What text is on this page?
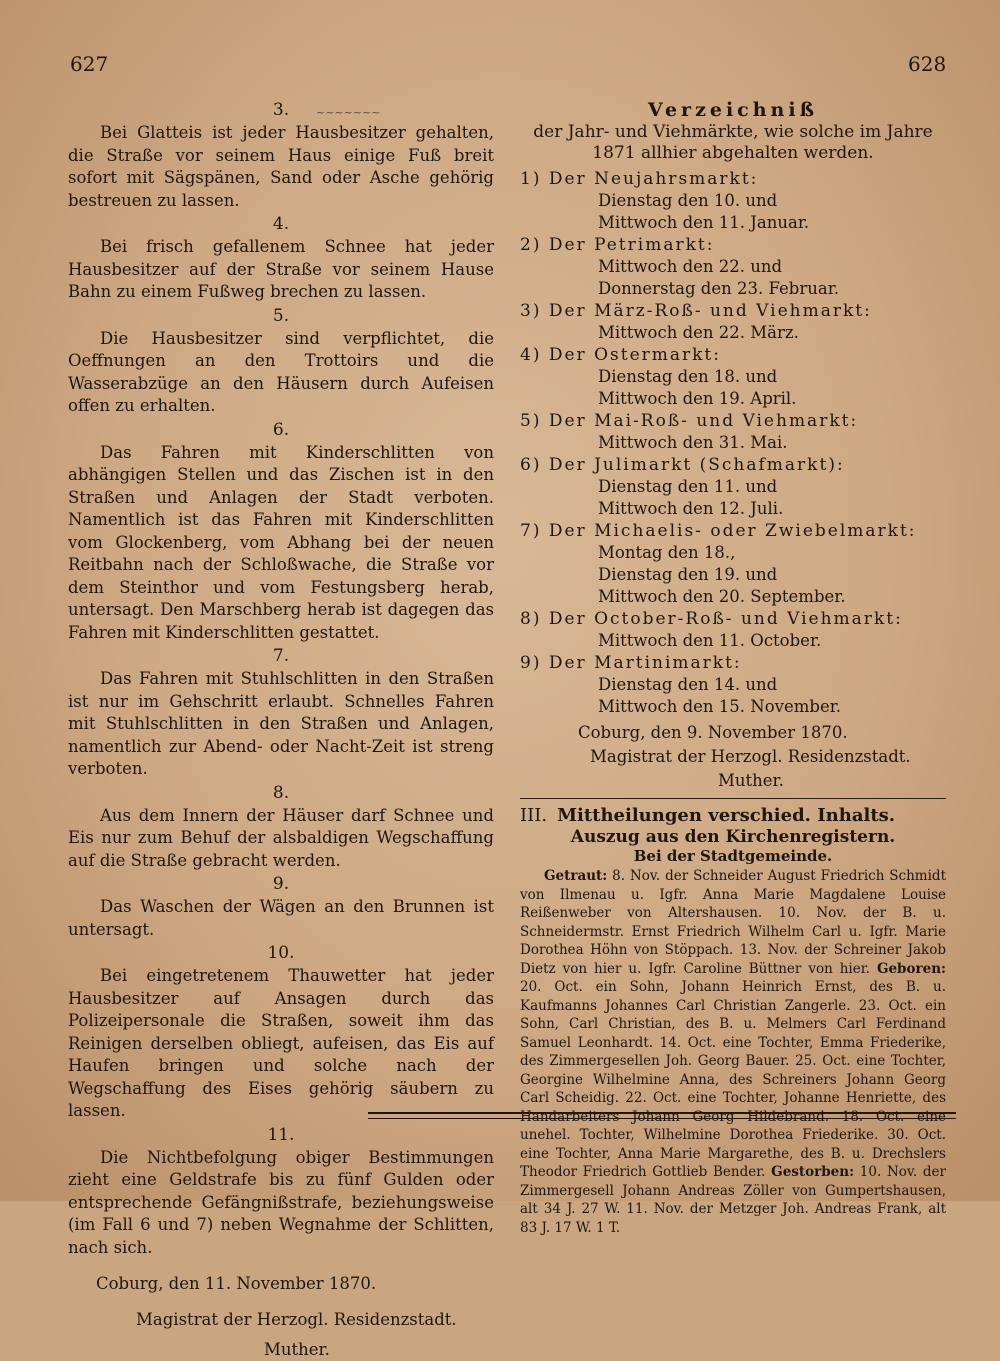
627	628
~~~~~~~
3.

Bei Glatteis ist jeder Hausbesitzer gehalten, die Straße vor seinem Haus einige Fuß breit sofort mit Sägspänen, Sand oder Asche gehörig bestreuen zu lassen.

4.

Bei frisch gefallenem Schnee hat jeder Hausbesitzer auf der Straße vor seinem Hause Bahn zu einem Fußweg brechen zu lassen.

5.

Die Hausbesitzer sind verpflichtet, die Oeffnungen an den Trottoirs und die Wasserabzüge an den Häusern durch Aufeisen offen zu erhalten.

6.

Das Fahren mit Kinderschlitten von abhängigen Stellen und das Zischen ist in den Straßen und Anlagen der Stadt verboten. Namentlich ist das Fahren mit Kinderschlitten vom Glockenberg, vom Abhang bei der neuen Reitbahn nach der Schloßwache, die Straße vor dem Steinthor und vom Festungsberg herab, untersagt. Den Marschberg herab ist dagegen das Fahren mit Kinderschlitten gestattet.

7.

Das Fahren mit Stuhlschlitten in den Straßen ist nur im Gehschritt erlaubt. Schnelles Fahren mit Stuhlschlitten in den Straßen und Anlagen, namentlich zur Abend- oder Nacht-Zeit ist streng verboten.

8.

Aus dem Innern der Häuser darf Schnee und Eis nur zum Behuf der alsbaldigen Wegschaffung auf die Straße gebracht werden.

9.

Das Waschen der Wägen an den Brunnen ist untersagt.

10.

Bei eingetretenem Thauwetter hat jeder Hausbesitzer auf Ansagen durch das Polizeipersonale die Straßen, soweit ihm das Reinigen derselben obliegt, aufeisen, das Eis auf Haufen bringen und solche nach der Wegschaffung des Eises gehörig säubern zu lassen.

11.

Die Nichtbefolgung obiger Bestimmungen zieht eine Geldstrafe bis zu fünf Gulden oder entsprechende Gefängnißstrafe, beziehungsweise (im Fall 6 und 7) neben Wegnahme der Schlitten, nach sich.

Coburg, den 11. November 1870.

Magistrat der Herzogl. Residenzstadt.

Muther.

Verzeichniß

der Jahr- und Viehmärkte, wie solche im Jahre

1871 allhier abgehalten werden.

1) Der Neujahrsmarkt:

Dienstag den 10. und

Mittwoch den 11. Januar.

2) Der Petrimarkt:

Mittwoch den 22. und

Donnerstag den 23. Februar.

3) Der März-Roß- und Viehmarkt:

Mittwoch den 22. März.

4) Der Ostermarkt:

Dienstag den 18. und

Mittwoch den 19. April.

5) Der Mai-Roß- und Viehmarkt:

Mittwoch den 31. Mai.

6) Der Julimarkt (Schafmarkt):

Dienstag den 11. und

Mittwoch den 12. Juli.

7) Der Michaelis- oder Zwiebelmarkt:

Montag den 18.,

Dienstag den 19. und

Mittwoch den 20. September.

8) Der October-Roß- und Viehmarkt:

Mittwoch den 11. October.

9) Der Martinimarkt:

Dienstag den 14. und

Mittwoch den 15. November.

Coburg, den 9. November 1870.

Magistrat der Herzogl. Residenzstadt.

Muther.

III. Mittheilungen verschied. Inhalts.

Auszug aus den Kirchenregistern.

Bei der Stadtgemeinde.

Getraut: 8. Nov. der Schneider August Friedrich Schmidt von Ilmenau u. Igfr. Anna Marie Magdalene Louise Reißenweber von Altershausen. 10. Nov. der B. u. Schneidermstr. Ernst Friedrich Wilhelm Carl u. Igfr. Marie Dorothea Höhn von Stöppach. 13. Nov. der Schreiner Jakob Dietz von hier u. Igfr. Caroline Büttner von hier. Geboren: 20. Oct. ein Sohn, Johann Heinrich Ernst, des B. u. Kaufmanns Johannes Carl Christian Zangerle. 23. Oct. ein Sohn, Carl Christian, des B. u. Melmers Carl Ferdinand Samuel Leonhardt. 14. Oct. eine Tochter, Emma Friederike, des Zimmergesellen Joh. Georg Bauer. 25. Oct. eine Tochter, Georgine Wilhelmine Anna, des Schreiners Johann Georg Carl Scheidig. 22. Oct. eine Tochter, Johanne Henriette, des Handarbeiters Johann Georg Hildebrand. 18. Oct. eine unehel. Tochter, Wilhelmine Dorothea Friederike. 30. Oct. eine Tochter, Anna Marie Margarethe, des B. u. Drechslers Theodor Friedrich Gottlieb Bender. Gestorben: 10. Nov. der Zimmergesell Johann Andreas Zöller von Gumpertshausen, alt 34 J. 27 W. 11. Nov. der Metzger Joh. Andreas Frank, alt 83 J. 17 W. 1 T.
